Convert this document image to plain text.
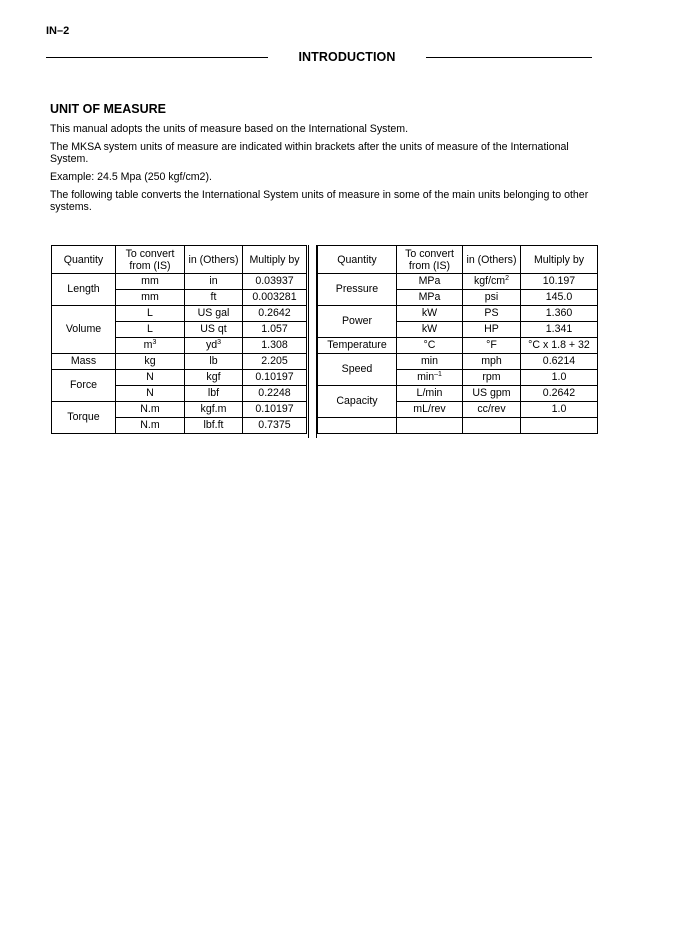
IN–2
INTRODUCTION
UNIT OF MEASURE

This manual adopts the units of measure based on the International System.

The MKSA system units of measure are indicated within brackets after the units of measure of the International System.

Example: 24.5 Mpa (250 kgf/cm2).

The following table converts the International System units of measure in some of the main units belonging to other systems.

Quantity	To convert from (IS)	in (Others)	Multiply by
Length	mm	in	0.03937
	mm	ft	0.003281
Volume	L	US gal	0.2642
	L	US qt	1.057
	$m^3$	$yd^3$	1.308
Mass	kg	lb	2.205
Force	N	kgf	0.10197
	N	lbf	0.2248
Torque	N.m	kgf.m	0.10197
	N.m	lbf.ft	0.7375
Quantity	To convert from (IS)	in (Others)	Multiply by
Pressure	MPa	kgf/$cm^2$	10.197
	MPa	psi	145.0
Power	kW	PS	1.360
	kW	HP	1.341
Temperature	°C	°F	°C x 1.8 + 32
Speed	min	mph	0.6214
	$\min^{-1}$	rpm	1.0
Capacity	L/min	US gpm	0.2642
	mL/rev	cc/rev	1.0
